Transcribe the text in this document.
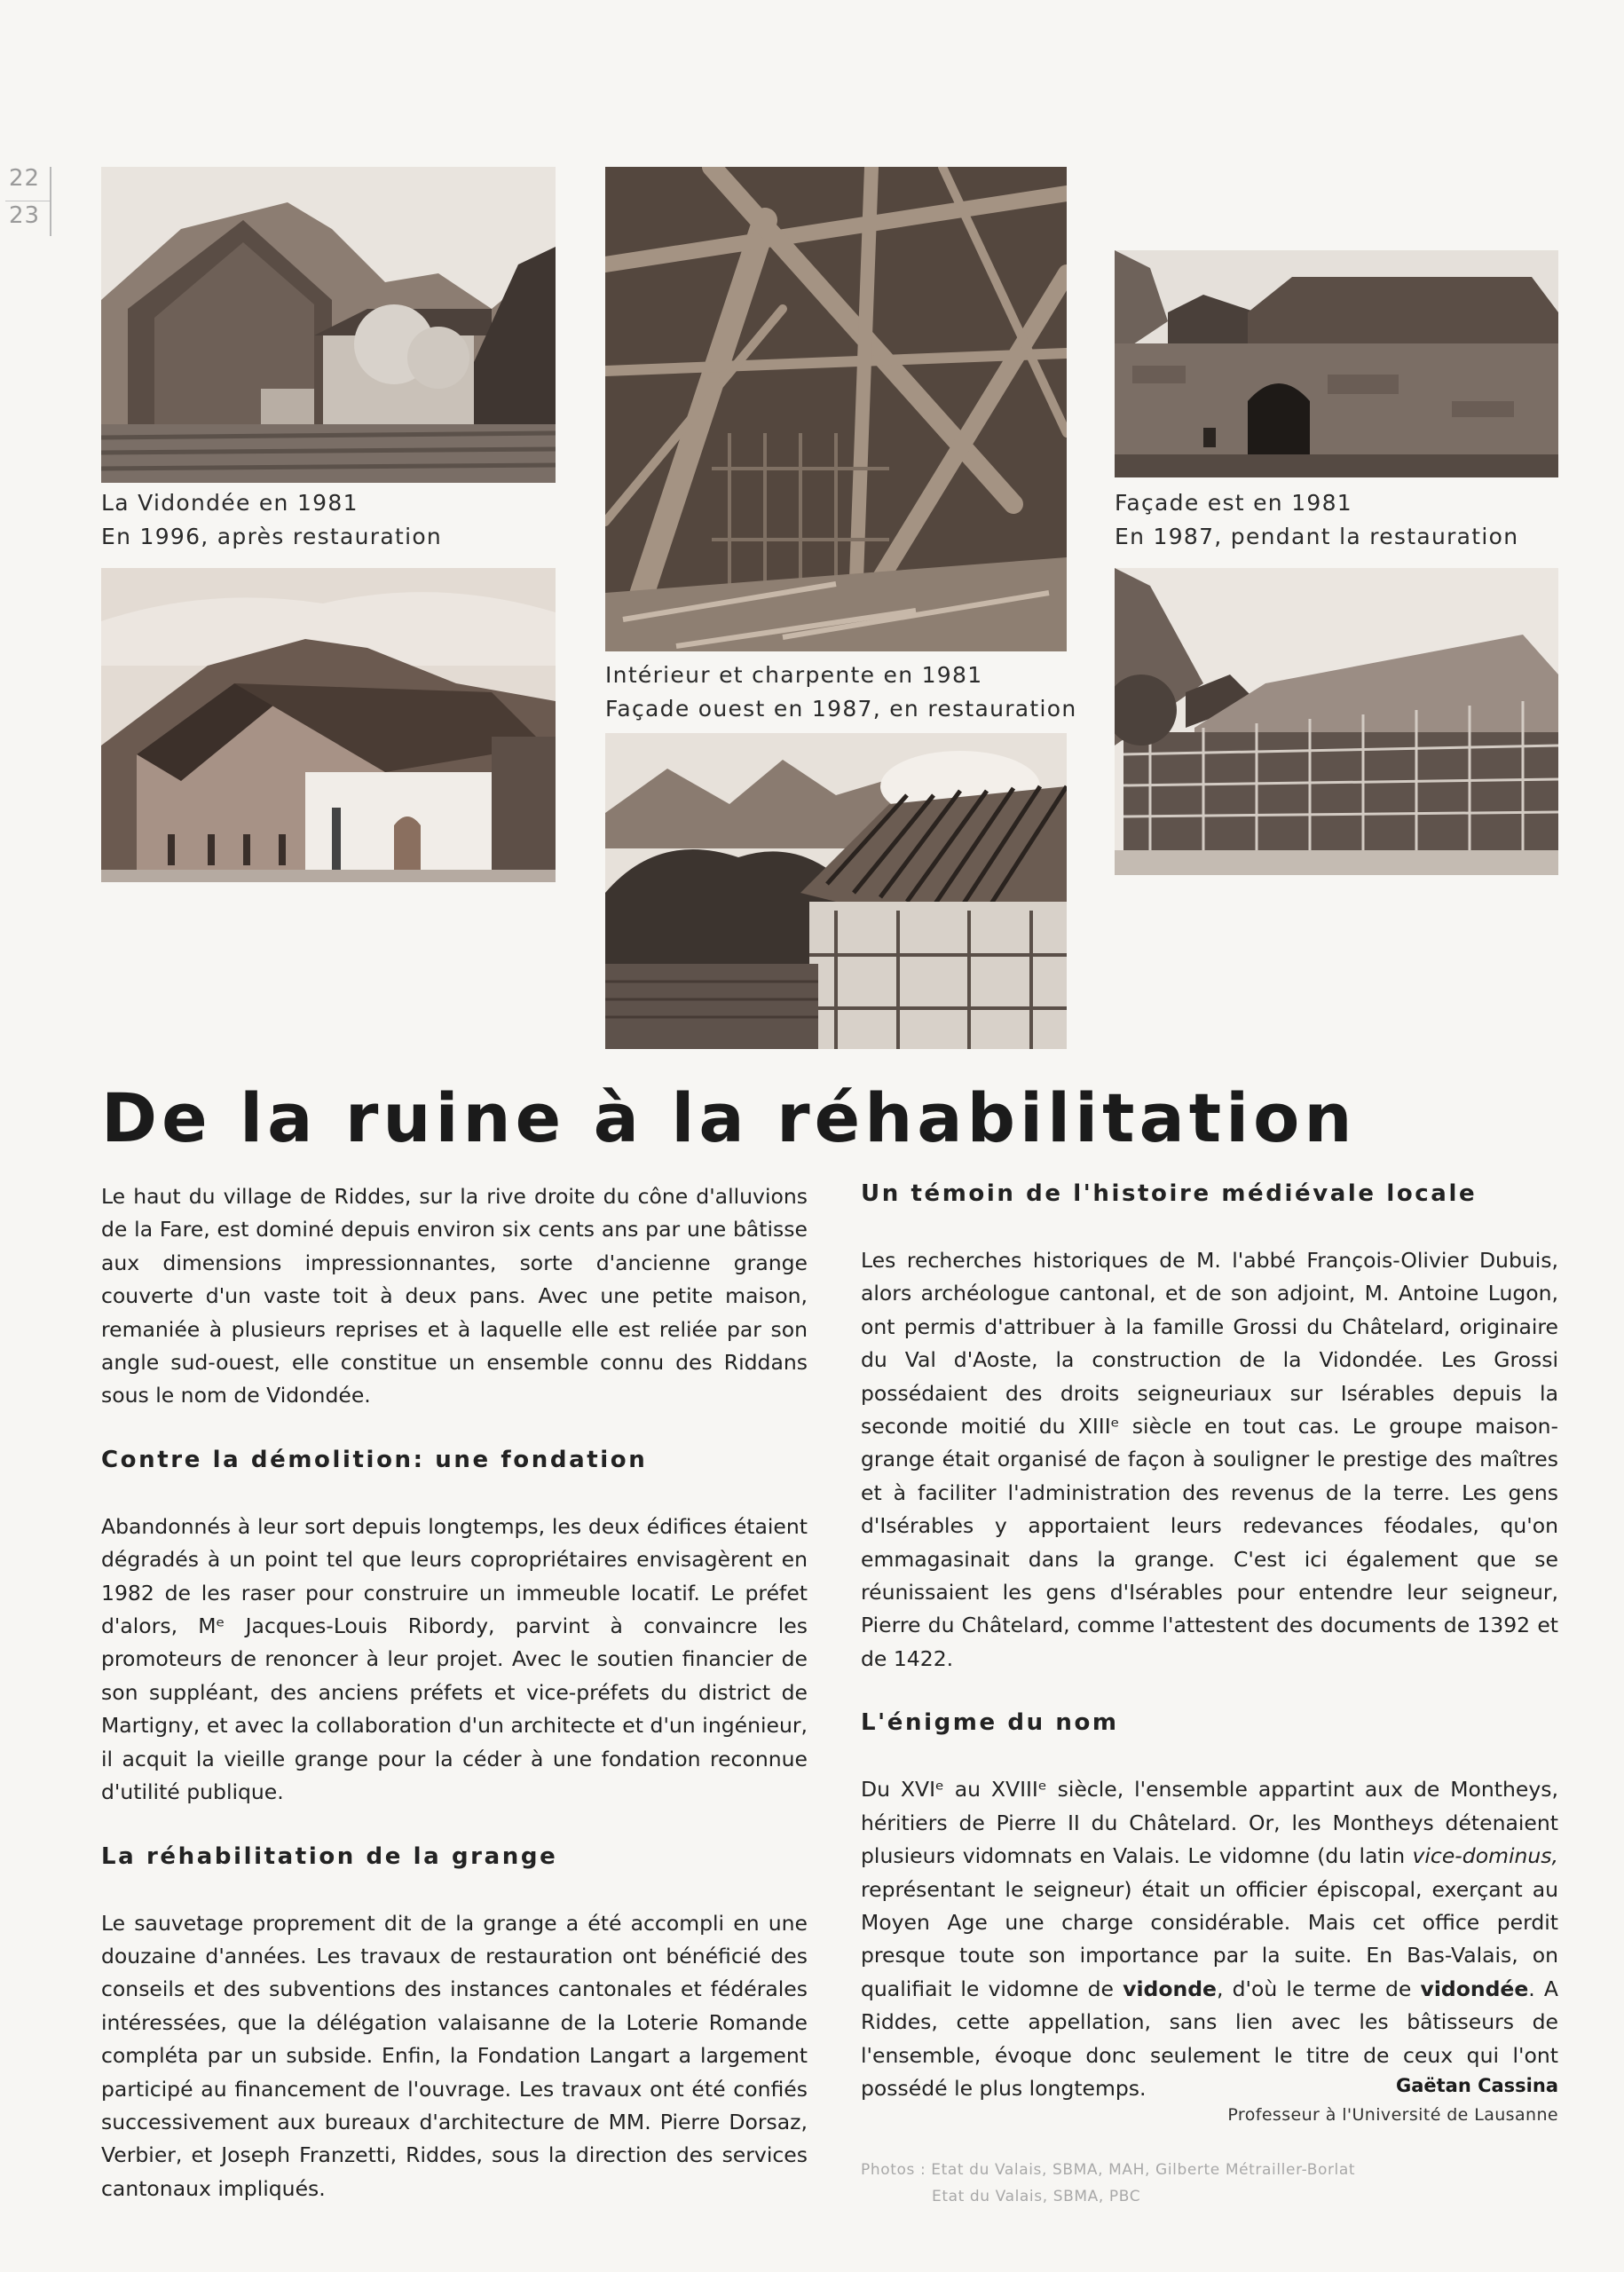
22
23
La Vidondée en 1981
En 1996, après restauration
Intérieur et charpente en 1981
Façade ouest en 1987, en restauration
Façade est en 1981
En 1987, pendant la restauration
De la ruine à la réhabilitation

Le haut du village de Riddes, sur la rive droite du cône d'alluvions de la Fare, est dominé depuis environ six cents ans par une bâtisse aux dimensions impressionnantes, sorte d'ancienne grange couverte d'un vaste toit à deux pans. Avec une petite maison, remaniée à plusieurs reprises et à laquelle elle est reliée par son angle sud-ouest, elle constitue un ensemble connu des Riddans sous le nom de Vidondée.

Contre la démolition: une fondation

Abandonnés à leur sort depuis longtemps, les deux édifices étaient dégradés à un point tel que leurs copropriétaires envisagèrent en 1982 de les raser pour construire un immeuble locatif. Le préfet d'alors, Mᵉ Jacques-Louis Ribordy, parvint à convaincre les promoteurs de renoncer à leur projet. Avec le soutien financier de son suppléant, des anciens préfets et vice-préfets du district de Martigny, et avec la collaboration d'un architecte et d'un ingénieur, il acquit la vieille grange pour la céder à une fondation reconnue d'utilité publique.

La réhabilitation de la grange

Le sauvetage proprement dit de la grange a été accompli en une douzaine d'années. Les travaux de restauration ont bénéficié des conseils et des subventions des instances cantonales et fédérales intéressées, que la délégation valaisanne de la Loterie Romande compléta par un subside. Enfin, la Fondation Langart a largement participé au financement de l'ouvrage. Les travaux ont été confiés successivement aux bureaux d'architecture de MM. Pierre Dorsaz, Verbier, et Joseph Franzetti, Riddes, sous la direction des services cantonaux impliqués.

Un témoin de l'histoire médiévale locale

Les recherches historiques de M. l'abbé François-Olivier Dubuis, alors archéologue cantonal, et de son adjoint, M. Antoine Lugon, ont permis d'attribuer à la famille Grossi du Châtelard, originaire du Val d'Aoste, la construction de la Vidondée. Les Grossi possédaient des droits seigneuriaux sur Isérables depuis la seconde moitié du XIIIᵉ siècle en tout cas. Le groupe maison-grange était organisé de façon à souligner le prestige des maîtres et à faciliter l'administration des revenus de la terre. Les gens d'Isérables y apportaient leurs redevances féodales, qu'on emmagasinait dans la grange. C'est ici également que se réunissaient les gens d'Isérables pour entendre leur seigneur, Pierre du Châtelard, comme l'attestent des documents de 1392 et de 1422.

L'énigme du nom

Du XVIᵉ au XVIIIᵉ siècle, l'ensemble appartint aux de Montheys, héritiers de Pierre II du Châtelard. Or, les Montheys détenaient plusieurs vidomnats en Valais. Le vidomne (du latin vice-dominus, représentant le seigneur) était un officier épiscopal, exerçant au Moyen Age une charge considérable. Mais cet office perdit presque toute son importance par la suite. En Bas-Valais, on qualifiait le vidomne de vidonde, d'où le terme de vidondée. A Riddes, cette appellation, sans lien avec les bâtisseurs de l'ensemble, évoque donc seulement le titre de ceux qui l'ont possédé le plus longtemps.	Gaëtan Cassina
Professeur à l'Université de Lausanne
Photos : Etat du Valais, SBMA, MAH, Gilberte Métrailler-Borlat
Etat du Valais, SBMA, PBC
